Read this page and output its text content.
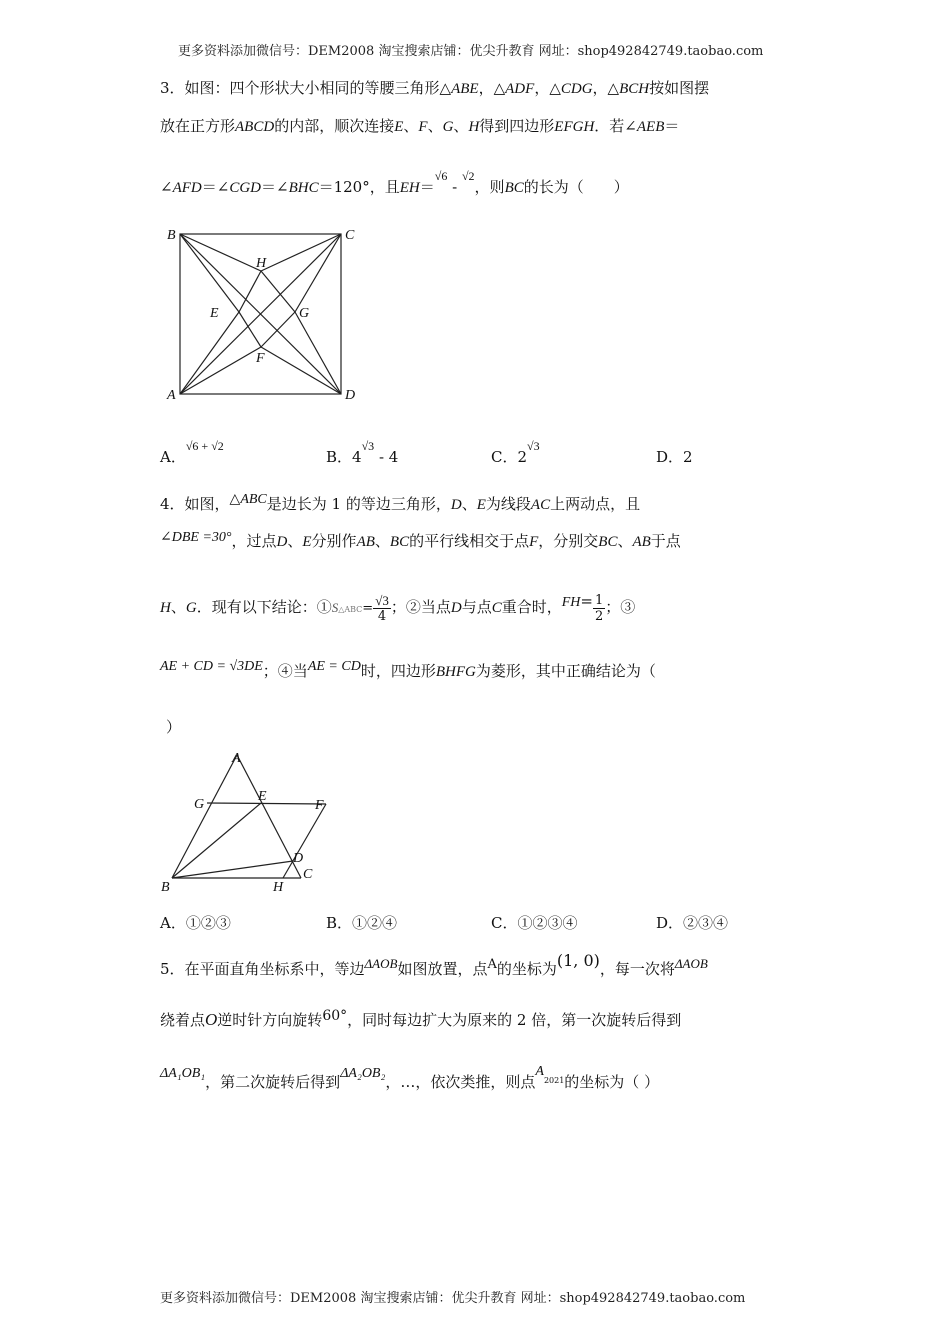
更多资料添加微信号：DEM2008 淘宝搜索店铺：优尖升教育 网址：shop492842749.taobao.com
3．如图：四个形状大小相同的等腰三角形△ABE，△ADF，△CDG，△BCH按如图摆
放在正方形ABCD的内部，顺次连接E、F、G、H得到四边形EFGH．若∠AEB＝
∠AFD＝∠CGD＝∠BHC＝120°，且EH＝$^{√6}$ - $^{√2}$，则BC的长为（　　）
B	C
H
E	G
F
A	D
A．$^{√6 + √2}$
B．$4^{√3} - 4$	C．$2^{√3}$
D．2
4．如图，△ABC是边长为 1 的等边三角形，D、E为线段AC上两动点，且
∠DBE =30°，过点D、E分别作AB、BC的平行线相交于点F，分别交BC、AB于点
H、G．现有以下结论：①S△ABC= $\frac{√3}{4}$ ；②当点D与点C重合时，$FH= \frac{1}{2}$ ；③
AE + CD = √3DE；④当AE = CD时，四边形BHFG为菱形，其中正确结论为（
）
A
G
E
F
D
B	H
C
A．①②③	B．①②④	C．①②③④	D．②③④
5．在平面直角坐标系中，等边ΔAOB如图放置，点A的坐标为(1, 0)，每一次将ΔAOB
绕着点O逆时针方向旋转60°，同时每边扩大为原来的 2 倍，第一次旋转后得到
ΔA₁OB₁，第二次旋转后得到ΔA₂OB₂，…，依次类推，则点$A^{2021}$的坐标为（ ）
更多资料添加微信号：DEM2008 淘宝搜索店铺：优尖升教育 网址：shop492842749.taobao.com
